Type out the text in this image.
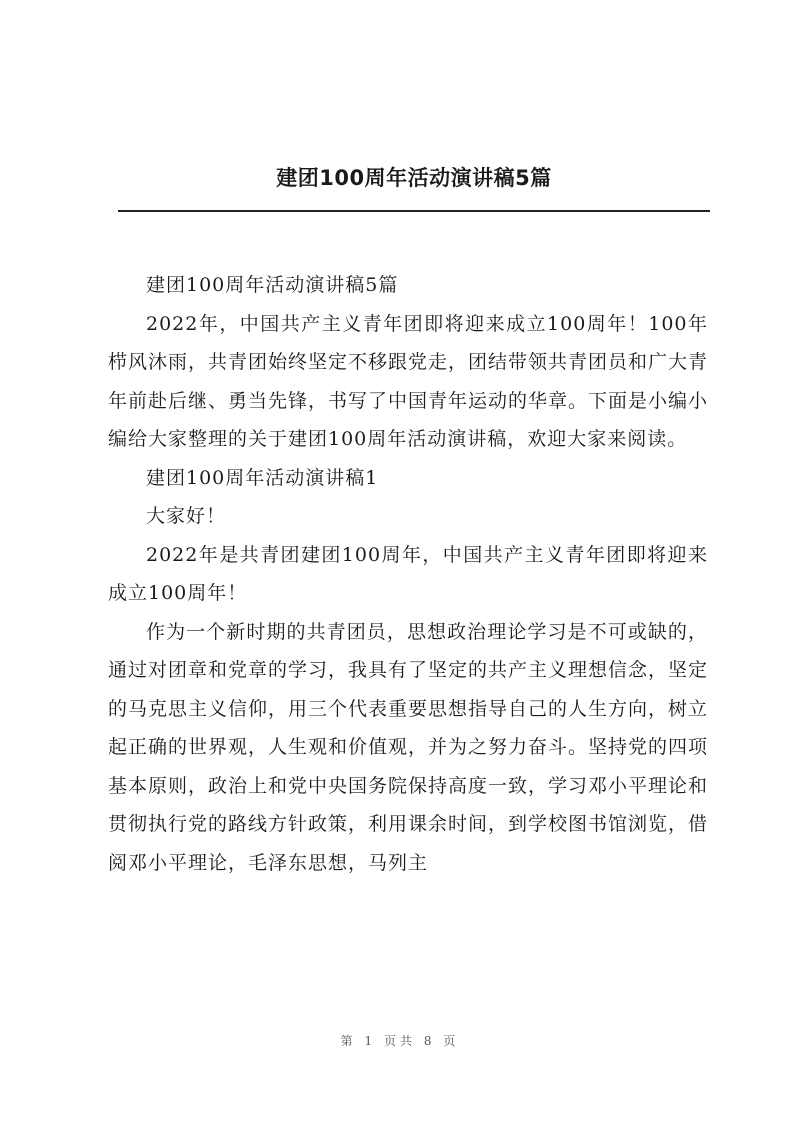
建团100周年活动演讲稿5篇

建团100周年活动演讲稿5篇

2022年，中国共产主义青年团即将迎来成立100周年！100年栉风沐雨，共青团始终坚定不移跟党走，团结带领共青团员和广大青年前赴后继、勇当先锋，书写了中国青年运动的华章。下面是小编小编给大家整理的关于建团100周年活动演讲稿，欢迎大家来阅读。

建团100周年活动演讲稿1

大家好！

2022年是共青团建团100周年，中国共产主义青年团即将迎来成立100周年！

作为一个新时期的共青团员，思想政治理论学习是不可或缺的，通过对团章和党章的学习，我具有了坚定的共产主义理想信念，坚定的马克思主义信仰，用三个代表重要思想指导自己的人生方向，树立起正确的世界观，人生观和价值观，并为之努力奋斗。坚持党的四项基本原则，政治上和党中央国务院保持高度一致，学习邓小平理论和贯彻执行党的路线方针政策，利用课余时间，到学校图书馆浏览，借阅邓小平理论，毛泽东思想，马列主

第 1 页共 8 页
